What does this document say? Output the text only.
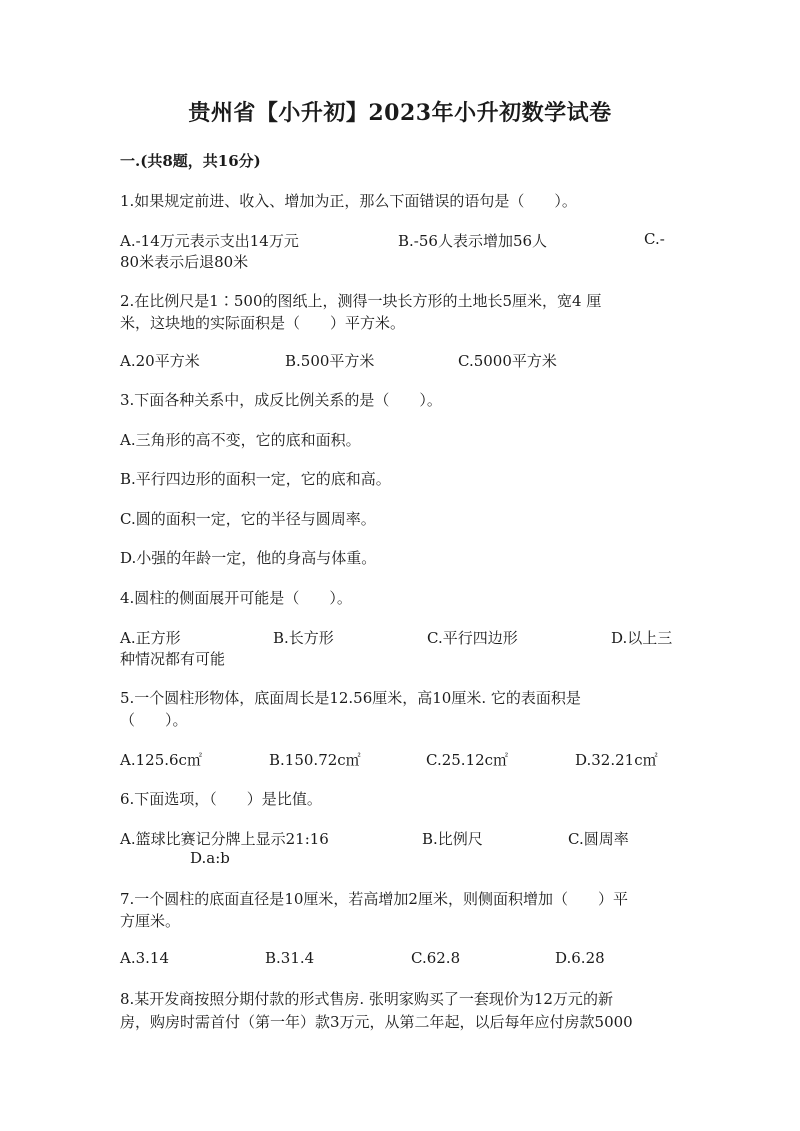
贵州省【小升初】2023年小升初数学试卷
一.(共8题，共16分)
1.如果规定前进、收入、增加为正，那么下面错误的语句是（　　）。
A.-14万元表示支出14万元	B.-56人表示增加56人	C.-
80米表示后退80米
2.在比例尺是1∶500的图纸上，测得一块长方形的土地长5厘米，宽4 厘
米，这块地的实际面积是（　　）平方米。
A.20平方米	B.500平方米	C.5000平方米
3.下面各种关系中，成反比例关系的是（　　）。
A.三角形的高不变，它的底和面积。
B.平行四边形的面积一定，它的底和高。
C.圆的面积一定，它的半径与圆周率。
D.小强的年龄一定，他的身高与体重。
4.圆柱的侧面展开可能是（　　）。
A.正方形	B.长方形	C.平行四边形	D.以上三
种情况都有可能
5.一个圆柱形物体，底面周长是12.56厘米，高10厘米. 它的表面积是
（　　）。
A.125.6c㎡	B.150.72c㎡	C.25.12c㎡	D.32.21c㎡
6.下面选项，（　　）是比值。
A.篮球比赛记分牌上显示21:16	B.比例尺	C.圆周率
D.a:b
7.一个圆柱的底面直径是10厘米，若高增加2厘米，则侧面积增加（　　）平
方厘米。
A.3.14	B.31.4	C.62.8	D.6.28
8.某开发商按照分期付款的形式售房. 张明家购买了一套现价为12万元的新
房，购房时需首付（第一年）款3万元，从第二年起，以后每年应付房款5000
